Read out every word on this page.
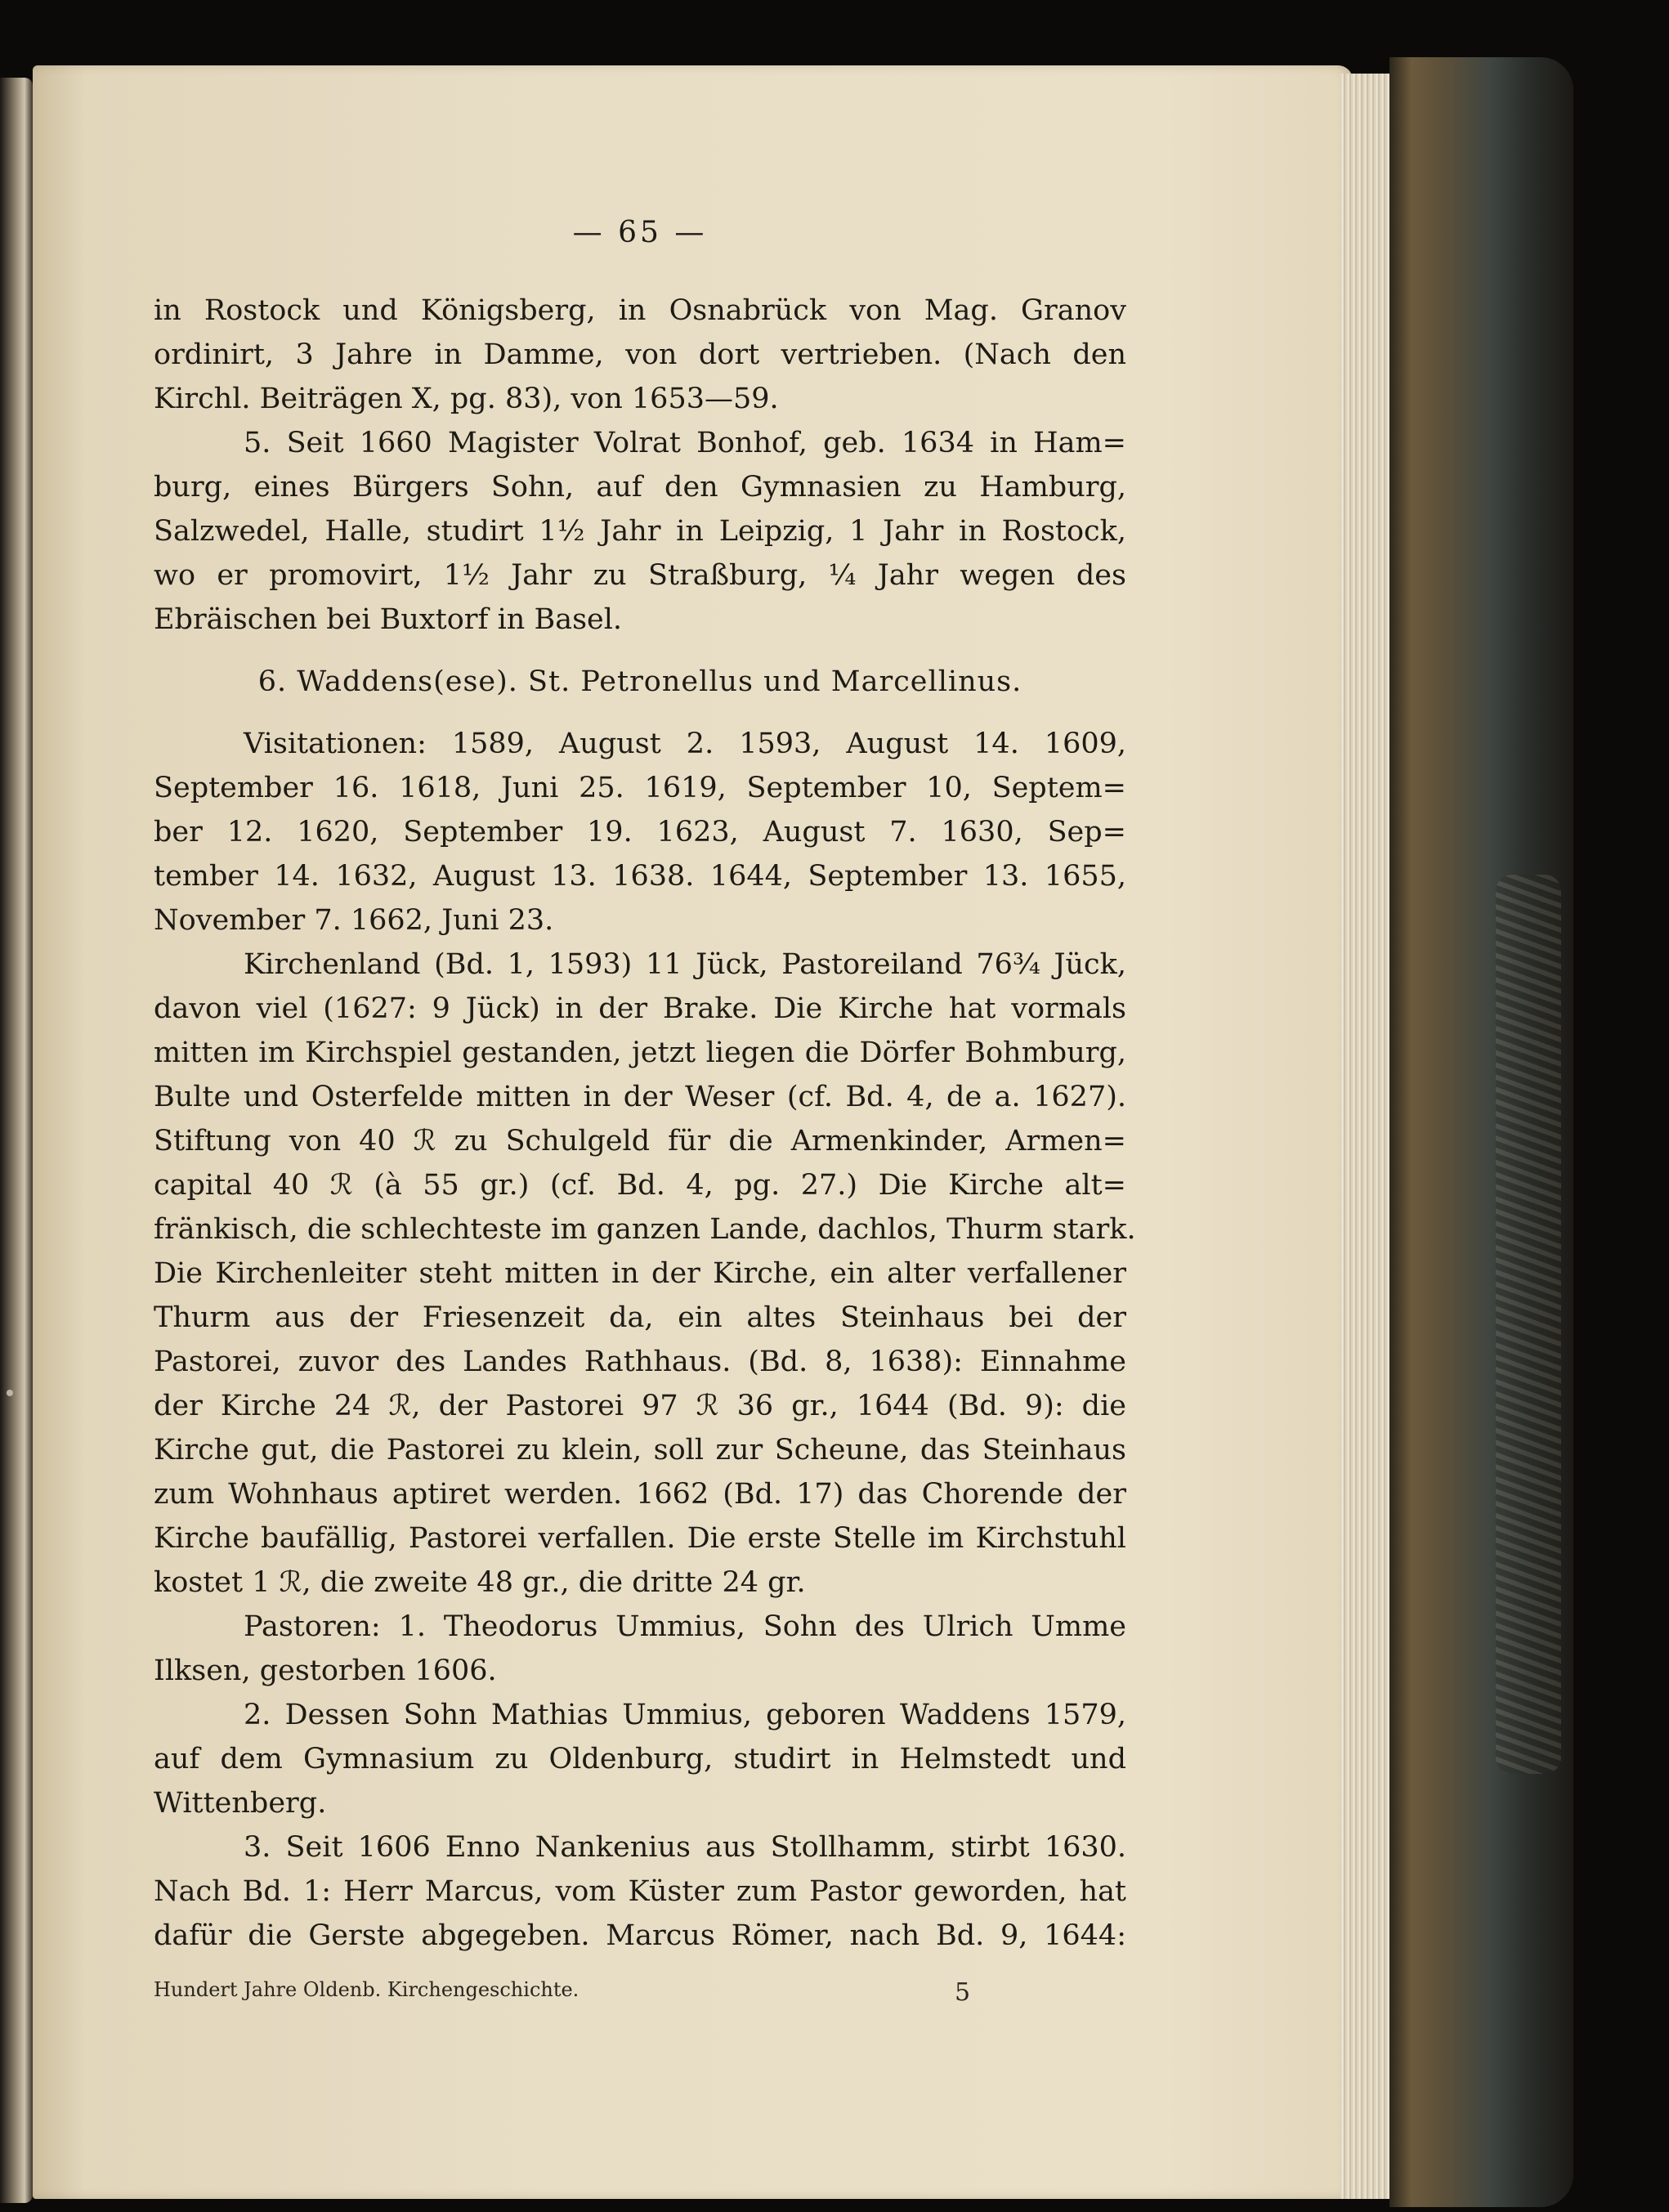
— 65 —
in Rostock und Königsberg, in Osnabrück von Mag. Granov
ordinirt, 3 Jahre in Damme, von dort vertrieben. (Nach den
Kirchl. Beiträgen X, pg. 83), von 1653—59.
5. Seit 1660 Magister Volrat Bonhof, geb. 1634 in Ham=
burg, eines Bürgers Sohn, auf den Gymnasien zu Hamburg,
Salzwedel, Halle, studirt 1½ Jahr in Leipzig, 1 Jahr in Rostock,
wo er promovirt, 1½ Jahr zu Straßburg, ¼ Jahr wegen des
Ebräischen bei Buxtorf in Basel.
6. Waddens(ese). St. Petronellus und Marcellinus.
Visitationen: 1589, August 2. 1593, August 14. 1609,
September 16. 1618, Juni 25. 1619, September 10, Septem=
ber 12. 1620, September 19. 1623, August 7. 1630, Sep=
tember 14. 1632, August 13. 1638. 1644, September 13. 1655,
November 7. 1662, Juni 23.
Kirchenland (Bd. 1, 1593) 11 Jück, Pastoreiland 76¾ Jück,
davon viel (1627: 9 Jück) in der Brake. Die Kirche hat vormals
mitten im Kirchspiel gestanden, jetzt liegen die Dörfer Bohmburg,
Bulte und Osterfelde mitten in der Weser (cf. Bd. 4, de a. 1627).
Stiftung von 40 ℛ zu Schulgeld für die Armenkinder, Armen=
capital 40 ℛ (à 55 gr.) (cf. Bd. 4, pg. 27.) Die Kirche alt=
fränkisch, die schlechteste im ganzen Lande, dachlos, Thurm stark.
Die Kirchenleiter steht mitten in der Kirche, ein alter verfallener
Thurm aus der Friesenzeit da, ein altes Steinhaus bei der
Pastorei, zuvor des Landes Rathhaus. (Bd. 8, 1638): Einnahme
der Kirche 24 ℛ, der Pastorei 97 ℛ 36 gr., 1644 (Bd. 9): die
Kirche gut, die Pastorei zu klein, soll zur Scheune, das Steinhaus
zum Wohnhaus aptiret werden. 1662 (Bd. 17) das Chorende der
Kirche baufällig, Pastorei verfallen. Die erste Stelle im Kirchstuhl
kostet 1 ℛ, die zweite 48 gr., die dritte 24 gr.
Pastoren: 1. Theodorus Ummius, Sohn des Ulrich Umme
Ilksen, gestorben 1606.
2. Dessen Sohn Mathias Ummius, geboren Waddens 1579,
auf dem Gymnasium zu Oldenburg, studirt in Helmstedt und
Wittenberg.
3. Seit 1606 Enno Nankenius aus Stollhamm, stirbt 1630.
Nach Bd. 1: Herr Marcus, vom Küster zum Pastor geworden, hat
dafür die Gerste abgegeben. Marcus Römer, nach Bd. 9, 1644:
Hundert Jahre Oldenb. Kirchengeschichte.	5
